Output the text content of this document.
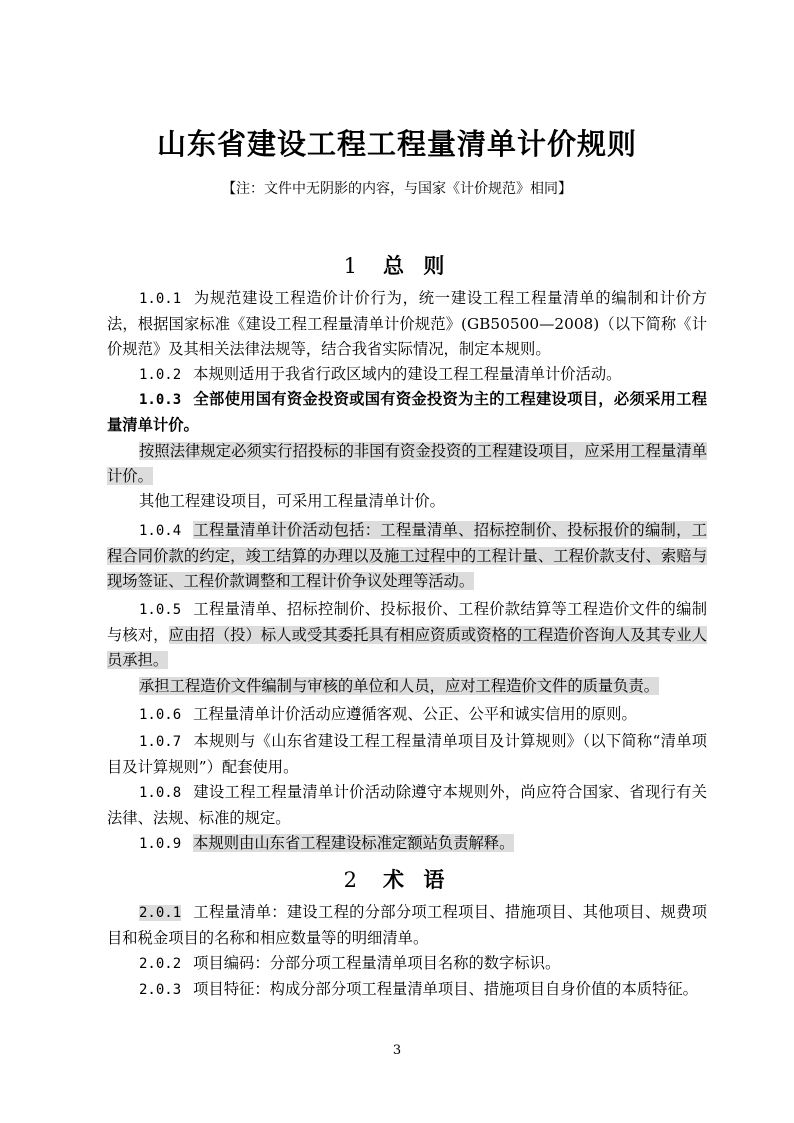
山东省建设工程工程量清单计价规则
【注：文件中无阴影的内容，与国家《计价规范》相同】
1 总 则
1.0.1 为规范建设工程造价计价行为，统一建设工程工程量清单的编制和计价方法，根据国家标准《建设工程工程量清单计价规范》(GB50500—2008)（以下简称《计价规范》及其相关法律法规等，结合我省实际情况，制定本规则。
1.0.2 本规则适用于我省行政区域内的建设工程工程量清单计价活动。
1.0.3 全部使用国有资金投资或国有资金投资为主的工程建设项目，必须采用工程量清单计价。
按照法律规定必须实行招投标的非国有资金投资的工程建设项目，应采用工程量清单计价。
其他工程建设项目，可采用工程量清单计价。
1.0.4 工程量清单计价活动包括：工程量清单、招标控制价、投标报价的编制，工程合同价款的约定，竣工结算的办理以及施工过程中的工程计量、工程价款支付、索赔与现场签证、工程价款调整和工程计价争议处理等活动。
1.0.5 工程量清单、招标控制价、投标报价、工程价款结算等工程造价文件的编制与核对，应由招（投）标人或受其委托具有相应资质或资格的工程造价咨询人及其专业人员承担。
承担工程造价文件编制与审核的单位和人员，应对工程造价文件的质量负责。
1.0.6 工程量清单计价活动应遵循客观、公正、公平和诚实信用的原则。
1.0.7 本规则与《山东省建设工程工程量清单项目及计算规则》（以下简称“清单项目及计算规则”）配套使用。
1.0.8 建设工程工程量清单计价活动除遵守本规则外，尚应符合国家、省现行有关法律、法规、标准的规定。
1.0.9 本规则由山东省工程建设标准定额站负责解释。
2 术 语
2.0.1 工程量清单：建设工程的分部分项工程项目、措施项目、其他项目、规费项目和税金项目的名称和相应数量等的明细清单。
2.0.2 项目编码：分部分项工程量清单项目名称的数字标识。
2.0.3 项目特征：构成分部分项工程量清单项目、措施项目自身价值的本质特征。
3
